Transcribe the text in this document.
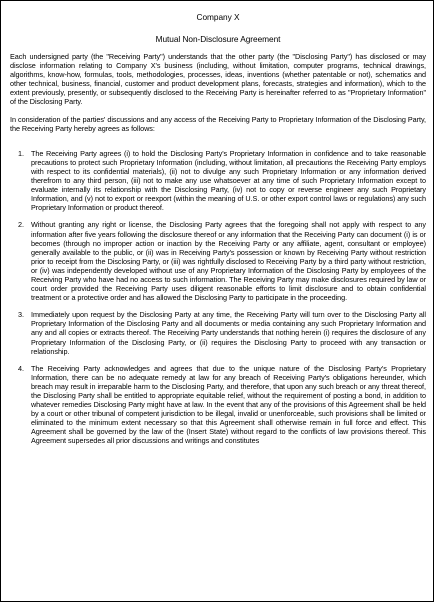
Company X
Mutual Non-Disclosure Agreement

Each undersigned party (the "Receiving Party") understands that the other party (the "Disclosing Party") has disclosed or may disclose information relating to Company X's business (including, without limitation, computer programs, technical drawings, algorithms, know-how, formulas, tools, methodologies, processes, ideas, inventions (whether patentable or not), schematics and other technical, business, financial, customer and product development plans, forecasts, strategies and information), which to the extent previously, presently, or subsequently disclosed to the Receiving Party is hereinafter referred to as "Proprietary Information" of the Disclosing Party.

In consideration of the parties' discussions and any access of the Receiving Party to Proprietary Information of the Disclosing Party, the Receiving Party hereby agrees as follows:

1. The Receiving Party agrees (i) to hold the Disclosing Party's Proprietary Information in confidence and to take reasonable precautions to protect such Proprietary Information (including, without limitation, all precautions the Receiving Party employs with respect to its confidential materials), (ii) not to divulge any such Proprietary Information or any information derived therefrom to any third person, (iii) not to make any use whatsoever at any time of such Proprietary Information except to evaluate internally its relationship with the Disclosing Party, (iv) not to copy or reverse engineer any such Proprietary Information, and (v) not to export or reexport (within the meaning of U.S. or other export control laws or regulations) any such Proprietary Information or product thereof.
2. Without granting any right or license, the Disclosing Party agrees that the foregoing shall not apply with respect to any information after five years following the disclosure thereof or any information that the Receiving Party can document (i) is or becomes (through no improper action or inaction by the Receiving Party or any affiliate, agent, consultant or employee) generally available to the public, or (ii) was in Receiving Party's possession or known by Receiving Party without restriction prior to receipt from the Disclosing Party, or (iii) was rightfully disclosed to Receiving Party by a third party without restriction, or (iv) was independently developed without use of any Proprietary Information of the Disclosing Party by employees of the Receiving Party who have had no access to such information. The Receiving Party may make disclosures required by law or court order provided the Receiving Party uses diligent reasonable efforts to limit disclosure and to obtain confidential treatment or a protective order and has allowed the Disclosing Party to participate in the proceeding.
3. Immediately upon request by the Disclosing Party at any time, the Receiving Party will turn over to the Disclosing Party all Proprietary Information of the Disclosing Party and all documents or media containing any such Proprietary Information and any and all copies or extracts thereof. The Receiving Party understands that nothing herein (i) requires the disclosure of any Proprietary Information of the Disclosing Party, or (ii) requires the Disclosing Party to proceed with any transaction or relationship.
4. The Receiving Party acknowledges and agrees that due to the unique nature of the Disclosing Party's Proprietary Information, there can be no adequate remedy at law for any breach of Receiving Party's obligations hereunder, which breach may result in irreparable harm to the Disclosing Party, and therefore, that upon any such breach or any threat thereof, the Disclosing Party shall be entitled to appropriate equitable relief, without the requirement of posting a bond, in addition to whatever remedies Disclosing Party might have at law. In the event that any of the provisions of this Agreement shall be held by a court or other tribunal of competent jurisdiction to be illegal, invalid or unenforceable, such provisions shall be limited or eliminated to the minimum extent necessary so that this Agreement shall otherwise remain in full force and effect. This Agreement shall be governed by the law of the (Insert State) without regard to the conflicts of law provisions thereof. This Agreement supersedes all prior discussions and writings and constitutes
